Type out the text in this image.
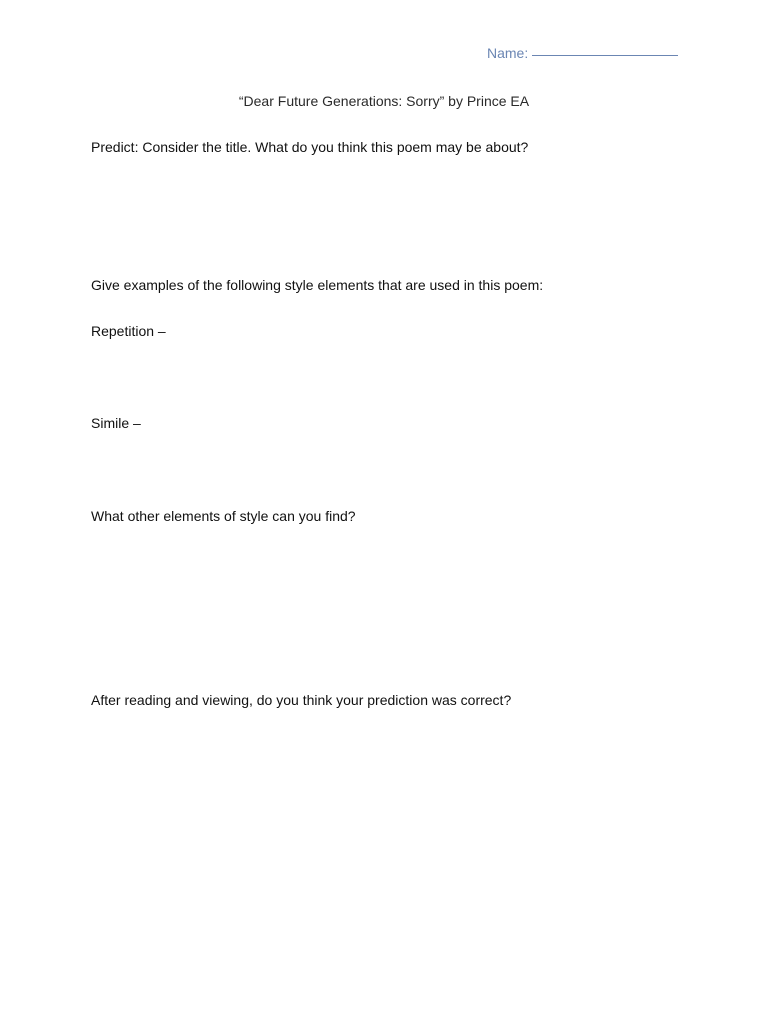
Name:
“Dear Future Generations: Sorry” by Prince EA
Predict: Consider the title. What do you think this poem may be about?
Give examples of the following style elements that are used in this poem:
Repetition –
Simile –
What other elements of style can you find?
After reading and viewing, do you think your prediction was correct?
